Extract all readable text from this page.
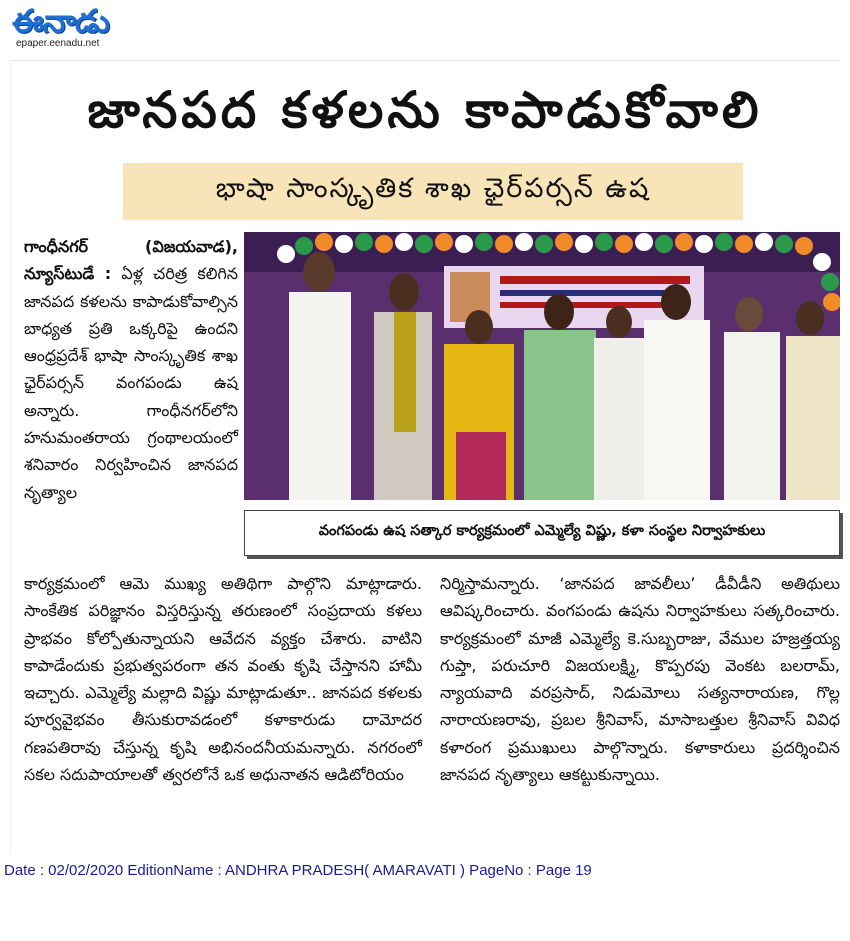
ఈనాడు
epaper.eenadu.net
జానపద కళలను కాపాడుకోవాలి
భాషా సాంస్కృతిక శాఖ ఛైర్‌పర్సన్‌ ఉష

గాంధీనగర్‌ (విజయవాడ), న్యూస్‌టుడే : ఏళ్ల చరిత్ర కలిగిన జానపద కళలను కాపాడుకోవాల్సిన బాధ్యత ప్రతి ఒక్కరిపై ఉందని ఆంధ్రప్రదేశ్‌ భాషా సాంస్కృతిక శాఖ ఛైర్‌పర్సన్‌ వంగపండు ఉష అన్నారు. గాంధీనగర్‌లోని హనుమంతరాయ గ్రంథాలయంలో శనివారం నిర్వహించిన జానపద నృత్యాల

వంగపండు ఉష సత్కార కార్యక్రమంలో ఎమ్మెల్యే విష్ణు, కళా సంస్థల నిర్వాహకులు

కార్యక్రమంలో ఆమె ముఖ్య అతిథిగా పాల్గొని మాట్లాడారు. సాంకేతిక పరిజ్ఞానం విస్తరిస్తున్న తరుణంలో సంప్రదాయ కళలు ప్రాభవం కోల్పోతున్నాయని ఆవేదన వ్యక్తం చేశారు. వాటిని కాపాడేందుకు ప్రభుత్వపరంగా తన వంతు కృషి చేస్తానని హామీ ఇచ్చారు. ఎమ్మెల్యే మల్లాది విష్ణు మాట్లాడుతూ.. జానపద కళలకు పూర్వవైభవం తీసుకురావడంలో కళాకారుడు దామోదర గణపతిరావు చేస్తున్న కృషి అభినందనీయమన్నారు. నగరంలో సకల సదుపాయాలతో త్వరలోనే ఒక అధునాతన ఆడిటోరియం

నిర్మిస్తామన్నారు. ‘జానపద జావలీలు’ డీవీడీని అతిథులు ఆవిష్కరించారు. వంగపండు ఉషను నిర్వాహకులు సత్కరించారు. కార్యక్రమంలో మాజీ ఎమ్మెల్యే కె.సుబ్బరాజు, వేముల హజ్రత్తయ్య గుప్తా, పరుచూరి విజయలక్ష్మి, కొప్పరపు వెంకట బలరామ్‌, న్యాయవాది వరప్రసాద్‌, నిడుమోలు సత్యనారాయణ, గొల్ల నారాయణరావు, ప్రబల శ్రీనివాస్‌, మాసాబత్తుల శ్రీనివాస్‌ వివిధ కళారంగ ప్రముఖులు పాల్గొన్నారు. కళాకారులు ప్రదర్శించిన జానపద నృత్యాలు ఆకట్టుకున్నాయి.

Date : 02/02/2020 EditionName : ANDHRA PRADESH( AMARAVATI ) PageNo : Page 19
